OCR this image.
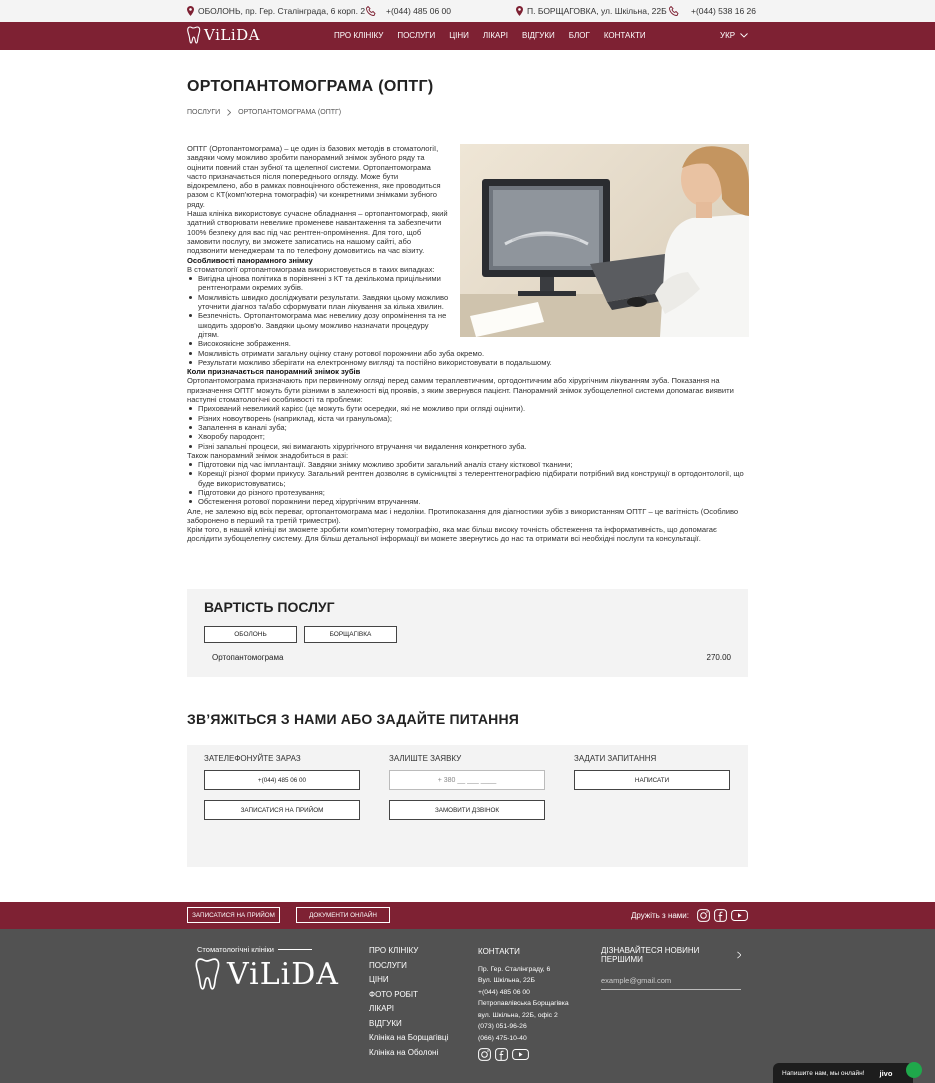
ОБОЛОНЬ, пр. Гер. Сталінграда, 6 корп. 2 +(044) 485 06 00	П. БОРЩАГОВКА, ул. Шкільна, 22Б	+(044) 538 16 26
ViLiDA	ПРО КЛІНІКУ ПОСЛУГИ ЦІНИ ЛІКАРІ ВІДГУКИ БЛОГ КОНТАКТИ	УКР
ОРТОПАНТОМОГРАМА (ОПТГ)
ПОСЛУГИ	ОРТОПАНТОМОГРАМА (ОПТГ)

ОПТГ (Ортопантомограма) – це один із базових методів в стоматології, завдяки чому можливо зробити панорамний знімок зубного ряду та оцінити повний стан зубної та щелепної системи. Ортопантомограма часто призначається після попереднього огляду. Може бути відокремлено, або в рамках повноцінного обстеження, яке проводиться разом с КТ(комп'ютерна томографія) чи конкретними знімками зубного ряду.

Наша клініка використовує сучасне обладнання – ортопантомограф, який здатний створювати невелике променеве навантаження та забезпечити 100% безпеку для вас під час рентген-опромінення. Для того, щоб замовити послугу, ви зможете записатись на нашому сайті, або подзвонити менеджерам та по телефону домовитись на час візиту.

Особливості панорамного знімку

В стоматології ортопантомограма використовується в таких випадках:

Вигідна цінова політика в порівнянні з КТ та декількома прицільними рентгенограми окремих зубів.
Можливість швидко досліджувати результати. Завдяки цьому можливо уточнити діагноз та/або сформувати план лікування за кілька хвилин.
Безпечність. Ортопантомограма має невелику дозу опромінення та не шкодить здоров'ю. Завдяки цьому можливо назначати процедуру дітям.
Високоякісне зображення.
Можливість отримати загальну оцінку стану ротової порожнини або зуба окремо.
Результати можливо зберігати на електронному вигляді та постійно використовувати в подальшому.
Коли призначається панорамний знімок зубів

Ортопантомограма призначають при первинному огляді перед самим тераплевтичним, ортодонтичним або хірургічним лікуванням зуба. Показання на призначення ОПТГ можуть бути різними в залежності від проявів, з яким звернувся пацієнт. Панорамний знімок зубощелепної системи допомагає виявити наступні стоматологічні особливості та проблеми:

Прихований невеликий карієс (це можуть бути осередки, які не можливо при огляді оцінити).
Різних новоутворень (наприклад, кіста чи гранульома);
Запалення в каналі зуба;
Хворобу пародонт;
Різні запальні процеси, які вимагають хірургічного втручання чи видалення конкретного зуба.

Також панорамний знімок знадобиться в разі:

Підготовки під час імплантації. Завдяки знімку можливо зробити загальний аналіз стану кісткової тканини;
Корекції різної форми прикусу. Загальний рентген дозволяє в сумісництві з телерентгенографією підбирати потрібний вид конструкції в ортодонтології, що буде використовуватись;
Підготовки до різного протезування;
Обстеження ротової порожнини перед хірургічним втручанням.

Але, не залежно від всіх переваг, ортопантомограма має і недоліки. Протипоказання для діагностики зубів з використанням ОПТГ – це вагітність (Особливо заборонено в перший та третій триместри).

Крім того, в наший клініці ви зможете зробити комп'ютерну томографію, яка має більш високу точність обстеження та інформативність, що допомагає дослідити зубощелепну систему. Для більш детальної інформації ви можете звернутись до нас та отримати всі необхідні послуги та консультації.

ВАРТІСТЬ ПОСЛУГ
ОБОЛОНЬ	БОРЩАГІВКА
Ортопантомограма	270.00
ЗВ’ЯЖІТЬСЯ З НАМИ АБО ЗАДАЙТЕ ПИТАННЯ
ЗАТЕЛЕФОНУЙТЕ ЗАРАЗ
+(044) 485 06 00
ЗАПИСАТИСЯ НА ПРИЙОМ
ЗАЛИШТЕ ЗАЯВКУ
+ 380 __ ___ ____
ЗАМОВИТИ ДЗВІНОК
ЗАДАТИ ЗАПИТАННЯ
НАПИСАТИ
ЗАПИСАТИСЯ НА ПРИЙОМ	ДОКУМЕНТИ ОНЛАЙН	Дружіть з нами:
Стоматологічні клініки
ViLiDA
ПРО КЛІНІКУ
ПОСЛУГИ
ЦІНИ
ФОТО РОБІТ
ЛІКАРІ
ВІДГУКИ
Клініка на Борщагівці
Клініка на Оболоні
КОНТАКТИ
Пр. Гер. Сталінграду, 6
Вул. Шкільна, 22Б
+(044) 485 06 00
Петропавлівська Борщагівка
вул. Шкільна, 22Б, офіс 2
(073) 051-96-26
(066) 475-10-40
ДІЗНАВАЙТЕСЯ НОВИНИ ПЕРШИМИ
example@gmail.com
Напишите нам, мы онлайн! jivo
